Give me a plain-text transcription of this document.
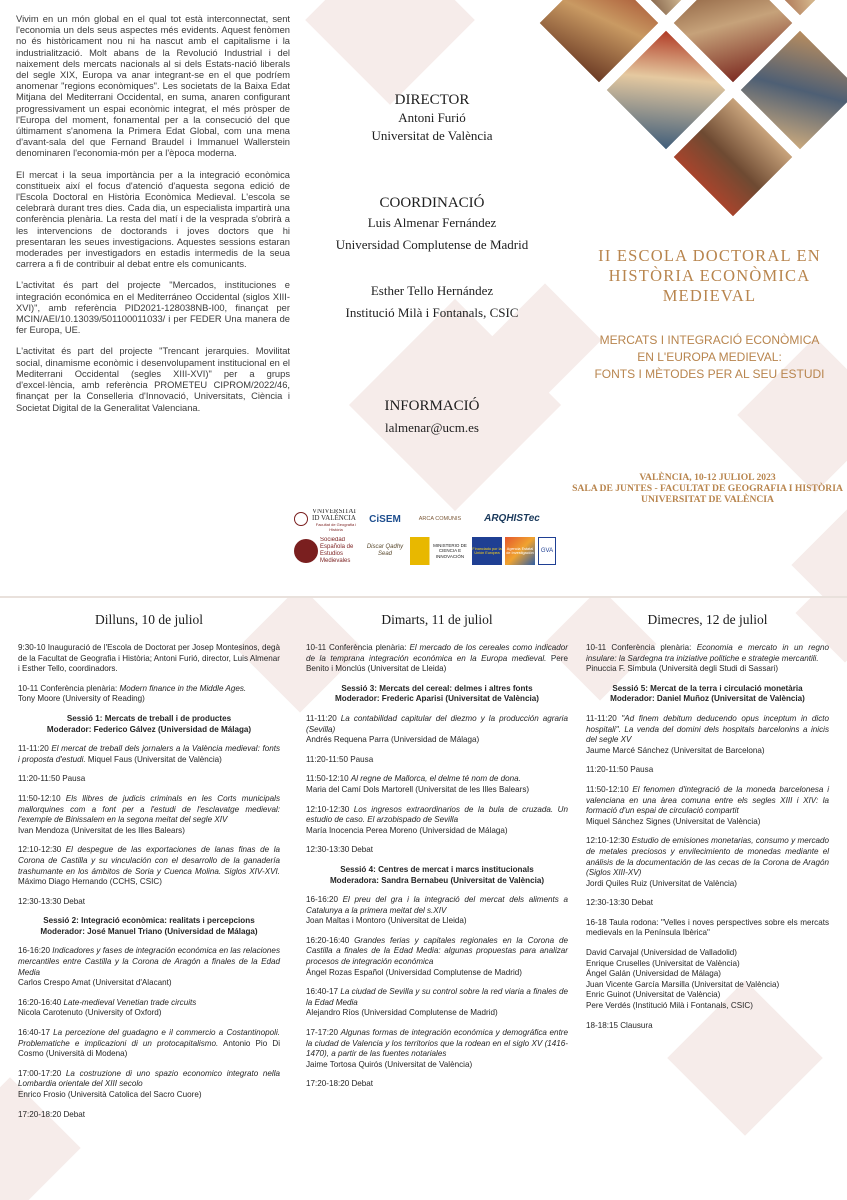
Vivim en un món global en el qual tot està interconnectat, sent l'economia un dels seus aspectes més evidents. Aquest fenòmen no és històricament nou ni ha nascut amb el capitalisme i la industrialització. Molt abans de la Revolució Industrial i del naixement dels mercats nacionals al si dels Estats-nació liberals del segle XIX, Europa va anar integrant-se en el que podríem anomenar "regions econòmiques". Les societats de la Baixa Edat Mitjana del Mediterrani Occidental, en suma, anaren configurant progressivament un espai econòmic integrat, el més pròsper de l'Europa del moment, fonamental per a la consecució del que últimament s'anomena la Primera Edat Global, com una mena d'avant-sala del que Fernand Braudel i Immanuel Wallerstein denominaren l'economia-món per a l'època moderna.

El mercat i la seua importància per a la integració econòmica constitueix així el focus d'atenció d'aquesta segona edició de l'Escola Doctoral en Història Econòmica Medieval. L'escola se celebrarà durant tres dies. Cada dia, un especialista impartirà una conferència plenària. La resta del matí i de la vesprada s'obrirà a les intervencions de doctorands i joves doctors que hi presentaran les seues investigacions. Aquestes sessions estaran moderades per investigadors en estadis intermedis de la seua carrera a fi de contribuir al debat entre els comunicants.

L'activitat és part del projecte "Mercados, instituciones e integración económica en el Mediterráneo Occidental (siglos XIII-XVI)", amb referència PID2021-128038NB-I00, finançat per MCIN/AEI/10.13039/501100011033/ i per FEDER Una manera de fer Europa, UE.

L'activitat és part del projecte "Trencant jerarquies. Movilitat social, dinamisme econòmic i desenvolupament institucional en el Mediterrani Occidental (segles XIII-XVI)" per a grups d'excel·lència, amb referència PROMETEU CIPROM/2022/46, finançat per la Conselleria d'Innovació, Universitats, Ciència i Societat Digital de la Generalitat Valenciana.

DIRECTOR

Antoni Furió

Universitat de València

COORDINACIÓ

Luis Almenar Fernández

Universidad Complutense de Madrid

Esther Tello Hernández

Institució Milà i Fontanals, CSIC

INFORMACIÓ

lalmenar@ucm.es

II ESCOLA DOCTORAL EN
HISTÒRIA ECONÒMICA
MEDIEVAL

MERCATS I INTEGRACIÓ ECONÒMICA
EN L'EUROPA MEDIEVAL:
FONTS I MÈTODES PER AL SEU ESTUDI

VALÈNCIA, 10-12 JULIOL 2023
SALA DE JUNTES - FACULTAT DE GEOGRAFIA I HISTÒRIA
UNIVERSITAT DE VALÈNCIA

VNIVERSITAT
ID VALÈNCIA
Facultat de Geografia i Història
CiSEM	ARCA COMUNIS	ARQHISTec
Sociedad
Española de
Estudios
Medievales
Discar Qadhy Sead
MINISTERIO DE CIENCIA E INNOVACIÓN
Financiado por la Unión Europea
Agencia Estatal de Investigación	GVA
Dilluns, 10 de juliol

9:30-10 Inauguració de l'Escola de Doctorat per Josep Montesinos, degà de la Facultat de Geografia i Història; Antoni Furió, director, Luis Almenar i Esther Tello, coordinadors.

10-11 Conferència plenària: Modern finance in the Middle Ages.
Tony Moore (University of Reading)

Sessió 1: Mercats de treball i de productes
Moderador: Federico Gálvez (Universidad de Málaga)

11-11:20 El mercat de treball dels jornalers a la València medieval: fonts i proposta d'estudi. Miquel Faus (Universitat de València)

11:20-11:50 Pausa

11:50-12:10 Els llibres de judicis criminals en les Corts municipals mallorquines com a font per a l'estudi de l'esclavatge medieval: l'exemple de Binissalem en la segona meitat del segle XIV
Ivan Mendoza (Universitat de les Illes Balears)

12:10-12:30 El despegue de las exportaciones de lanas finas de la Corona de Castilla y su vinculación con el desarrollo de la ganadería trashumante en los ámbitos de Soria y Cuenca Molina. Siglos XIV-XVI. Máximo Diago Hernando (CCHS, CSIC)

12:30-13:30 Debat

Sessió 2: Integració econòmica: realitats i percepcions
Moderador: José Manuel Triano (Universidad de Málaga)

16-16:20 Indicadores y fases de integración económica en las relaciones mercantiles entre Castilla y la Corona de Aragón a finales de la Edad Media
Carlos Crespo Amat (Universitat d'Alacant)

16:20-16:40 Late-medieval Venetian trade circuits
Nicola Carotenuto (University of Oxford)

16:40-17 La percezione del guadagno e il commercio a Costantinopoli. Problematiche e implicazioni di un protocapitalismo. Antonio Pio Di Cosmo (Università di Modena)

17:00-17:20 La costruzione di uno spazio economico integrato nella Lombardia orientale del XIII secolo
Enrico Frosio (Università Catolica del Sacro Cuore)

17:20-18:20 Debat

Dimarts, 11 de juliol

10-11 Conferència plenària: El mercado de los cereales como indicador de la temprana integración económica en la Europa medieval. Pere Benito i Monclús (Universitat de Lleida)

Sessió 3: Mercats del cereal: delmes i altres fonts
Moderador: Frederic Aparisi (Universitat de València)

11-11:20 La contabilidad capitular del diezmo y la producción agraria (Sevilla)
Andrés Requena Parra (Universidad de Málaga)

11:20-11:50 Pausa

11:50-12:10 Al regne de Mallorca, el delme té nom de dona.
Maria del Camí Dols Martorell (Universitat de les Illes Balears)

12:10-12:30 Los ingresos extraordinarios de la bula de cruzada. Un estudio de caso. El arzobispado de Sevilla
María Inocencia Perea Moreno (Universidad de Málaga)

12:30-13:30 Debat

Sessió 4: Centres de mercat i marcs institucionals
Moderadora: Sandra Bernabeu (Universitat de València)

16-16:20 El preu del gra i la integració del mercat dels aliments a Catalunya a la primera meitat del s.XIV
Joan Maltas i Montoro (Universitat de Lleida)

16:20-16:40 Grandes ferias y capitales regionales en la Corona de Castilla a finales de la Edad Media: algunas propuestas para analizar procesos de integración económica
Ángel Rozas Español (Universidad Complutense de Madrid)

16:40-17 La ciudad de Sevilla y su control sobre la red viaria a finales de la Edad Media
Alejandro Ríos (Universidad Complutense de Madrid)

17-17:20 Algunas formas de integración económica y demográfica entre la ciudad de Valencia y los territorios que la rodean en el siglo XV (1416-1470), a partir de las fuentes notariales
Jaime Tortosa Quirós (Universitat de València)

17:20-18:20 Debat

Dimecres, 12 de juliol

10-11 Conferència plenària: Economia e mercato in un regno insulare: la Sardegna tra iniziative politiche e strategie mercantili.
Pinuccia F. Simbula (Università degli Studi di Sassari)

Sessió 5: Mercat de la terra i circulació monetària
Moderador: Daniel Muñoz (Universitat de València)

11-11:20 "Ad finem debitum deducendo opus inceptum in dicto hospitali". La venda del domini dels hospitals barcelonins a inicis del segle XV
Jaume Marcé Sánchez (Universitat de Barcelona)

11:20-11:50 Pausa

11:50-12:10 El fenomen d'integració de la moneda barcelonesa i valenciana en una àrea comuna entre els segles XIII i XIV: la formació d'un espai de circulació compartit
Miquel Sánchez Signes (Universitat de València)

12:10-12:30 Estudio de emisiones monetarias, consumo y mercado de metales preciosos y envilecimiento de monedas mediante el análisis de la documentación de las cecas de la Corona de Aragón (Siglos XIII-XV)
Jordi Quiles Ruiz (Universitat de València)

12:30-13:30 Debat

16-18 Taula rodona: "Velles i noves perspectives sobre els mercats medievals en la Península Ibèrica"

David Carvajal (Universidad de Valladolid)
Enrique Cruselles (Universitat de València)
Ángel Galán (Universidad de Málaga)
Juan Vicente García Marsilla (Universitat de València)
Enric Guinot (Universitat de València)
Pere Verdés (Institució Milà i Fontanals, CSIC)

18-18:15 Clausura
